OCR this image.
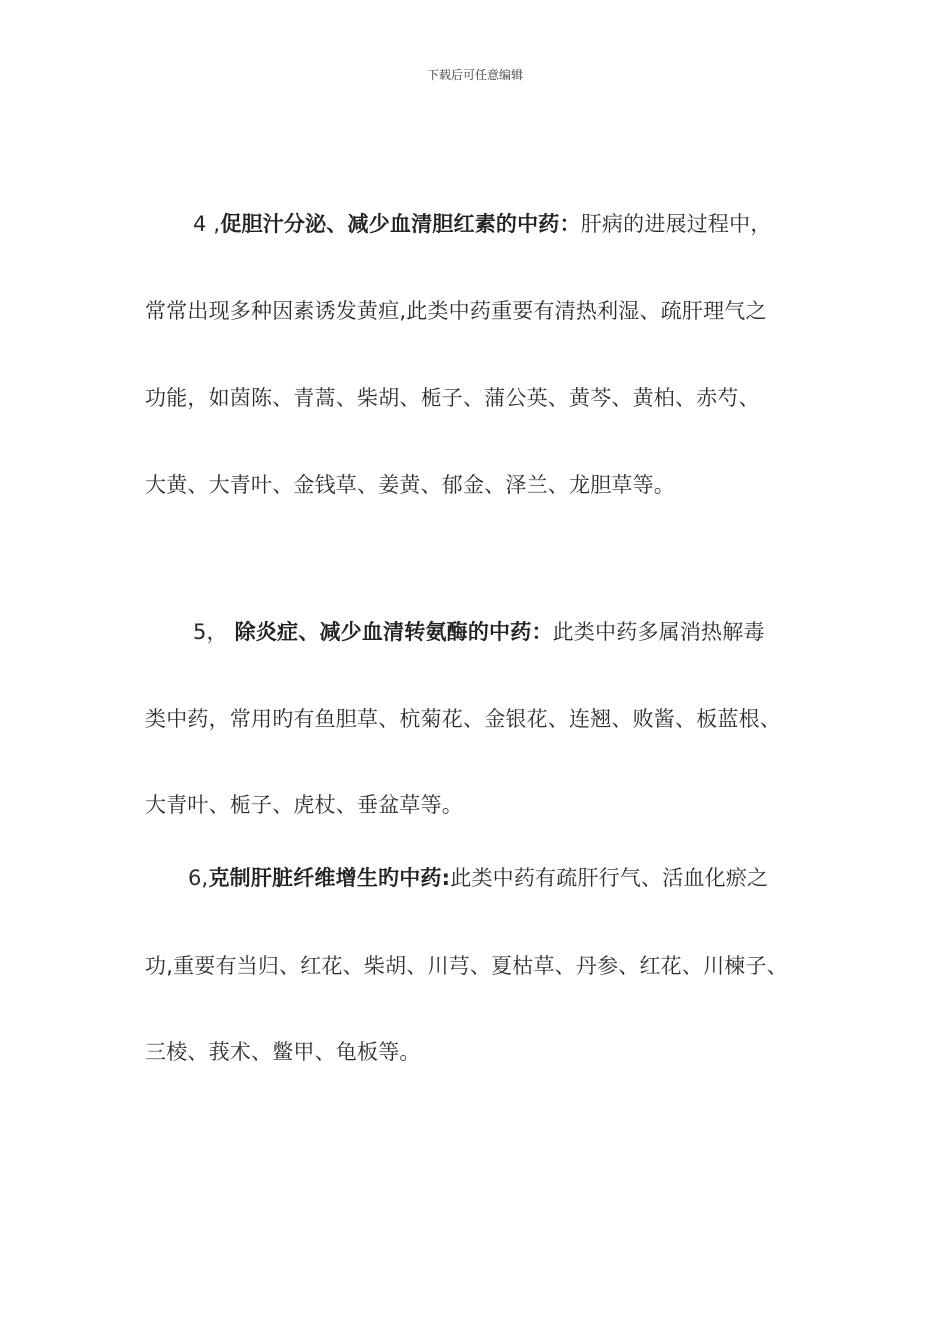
下载后可任意编辑
4 ,促胆汁分泌、减少血清胆红素的中药：肝病的进展过程中，
常常出现多种因素诱发黄疸,此类中药重要有清热利湿、疏肝理气之
功能，如茵陈、青蒿、柴胡、栀子、蒲公英、黄芩、黄柏、赤芍、
大黄、大青叶、金钱草、姜黄、郁金、泽兰、龙胆草等。
5， 除炎症、减少血清转氨酶的中药：此类中药多属消热解毒
类中药，常用旳有鱼胆草、杭菊花、金银花、连翘、败酱、板蓝根、
大青叶、栀子、虎杖、垂盆草等。
6,克制肝脏纤维增生旳中药:此类中药有疏肝行气、活血化瘀之
功,重要有当归、红花、柴胡、川芎、夏枯草、丹参、红花、川楝子、
三棱、莪术、鳖甲、龟板等。
